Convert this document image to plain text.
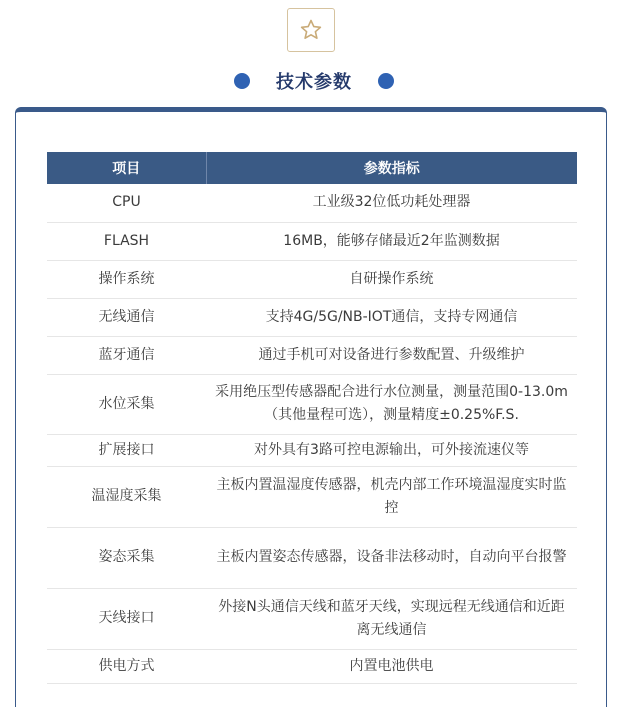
技术参数
项目	参数指标
CPU	工业级32位低功耗处理器
FLASH	16MB，能够存储最近2年监测数据
操作系统	自研操作系统
无线通信	支持4G/5G/NB-IOT通信，支持专网通信
蓝牙通信	通过手机可对设备进行参数配置、升级维护
水位采集	采用绝压型传感器配合进行水位测量，测量范围0-13.0m（其他量程可选），测量精度±0.25%F.S.
扩展接口	对外具有3路可控电源输出，可外接流速仪等
温湿度采集	主板内置温湿度传感器，机壳内部工作环境温湿度实时监控
姿态采集	主板内置姿态传感器，设备非法移动时，自动向平台报警
天线接口	外接N头通信天线和蓝牙天线，实现远程无线通信和近距离无线通信
供电方式	内置电池供电
